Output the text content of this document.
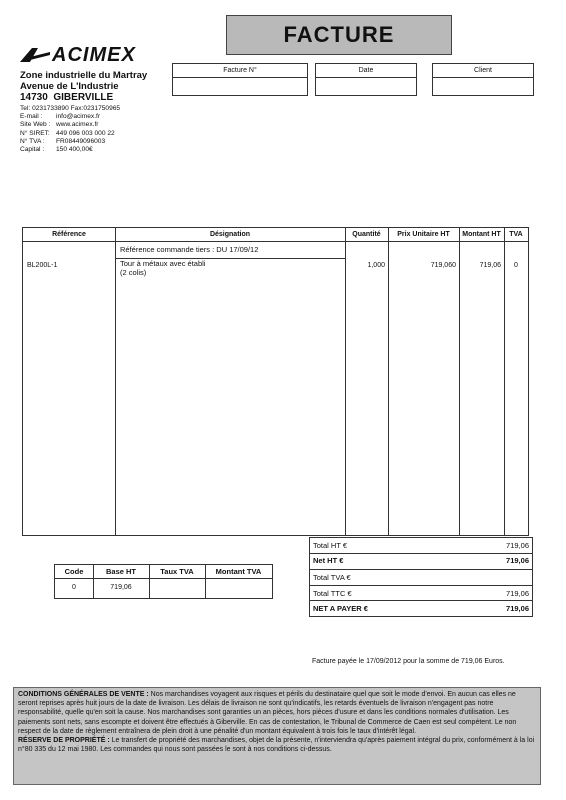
FACTURE
ACIMEX
Zone industrielle du Martray
Avenue de L'Industrie
14730 GIBERVILLE
Tel: 0231733890 Fax:0231750965
E-mail :	info@acimex.fr
Site Web : www.acimex.fr
N° SIRET: 449 096 003 000 22
N° TVA :	FR08449096003
Capital :	150 400,00€
Facture N°	Date	Client
Référence	Désignation	Quantité	Prix Unitaire HT	Montant HT	TVA
Référence commande tiers : DU 17/09/12
BL200L-1	Tour à métaux avec établi
(2 colis)
1,000	719,060	719,06	0
Total HT €	719,06
Net HT €	719,06
Total TVA €
Total TTC €	719,06
NET A PAYER €	719,06
Code	Base HT	Taux TVA	Montant TVA
0	719,06
Facture payée le 17/09/2012 pour la somme de 719,06 Euros.

CONDITIONS GÉNÉRALES DE VENTE : Nos marchandises voyagent aux risques et périls du destinataire quel que soit le mode d'envoi. En aucun cas elles ne seront reprises après huit jours de la date de livraison. Les délais de livraison ne sont qu'indicatifs, les retards éventuels de livraison n'engagent pas notre responsabilité, quelle qu'en soit la cause. Nos marchandises sont garanties un an pièces, hors pièces d'usure et dans les conditions normales d'utilisation. Les paiements sont nets, sans escompte et doivent être effectués à Giberville. En cas de contestation, le Tribunal de Commerce de Caen est seul compétent. Le non respect de la date de règlement entraînera de plein droit à une pénalité d'un montant équivalent à trois fois le taux d'intérêt légal.

RÉSERVE DE PROPRIÉTÉ : Le transfert de propriété des marchandises, objet de la présente, n'interviendra qu'après paiement intégral du prix, conformément à la loi n°80 335 du 12 mai 1980. Les commandes qui nous sont passées le sont à nos conditions ci-dessus.
